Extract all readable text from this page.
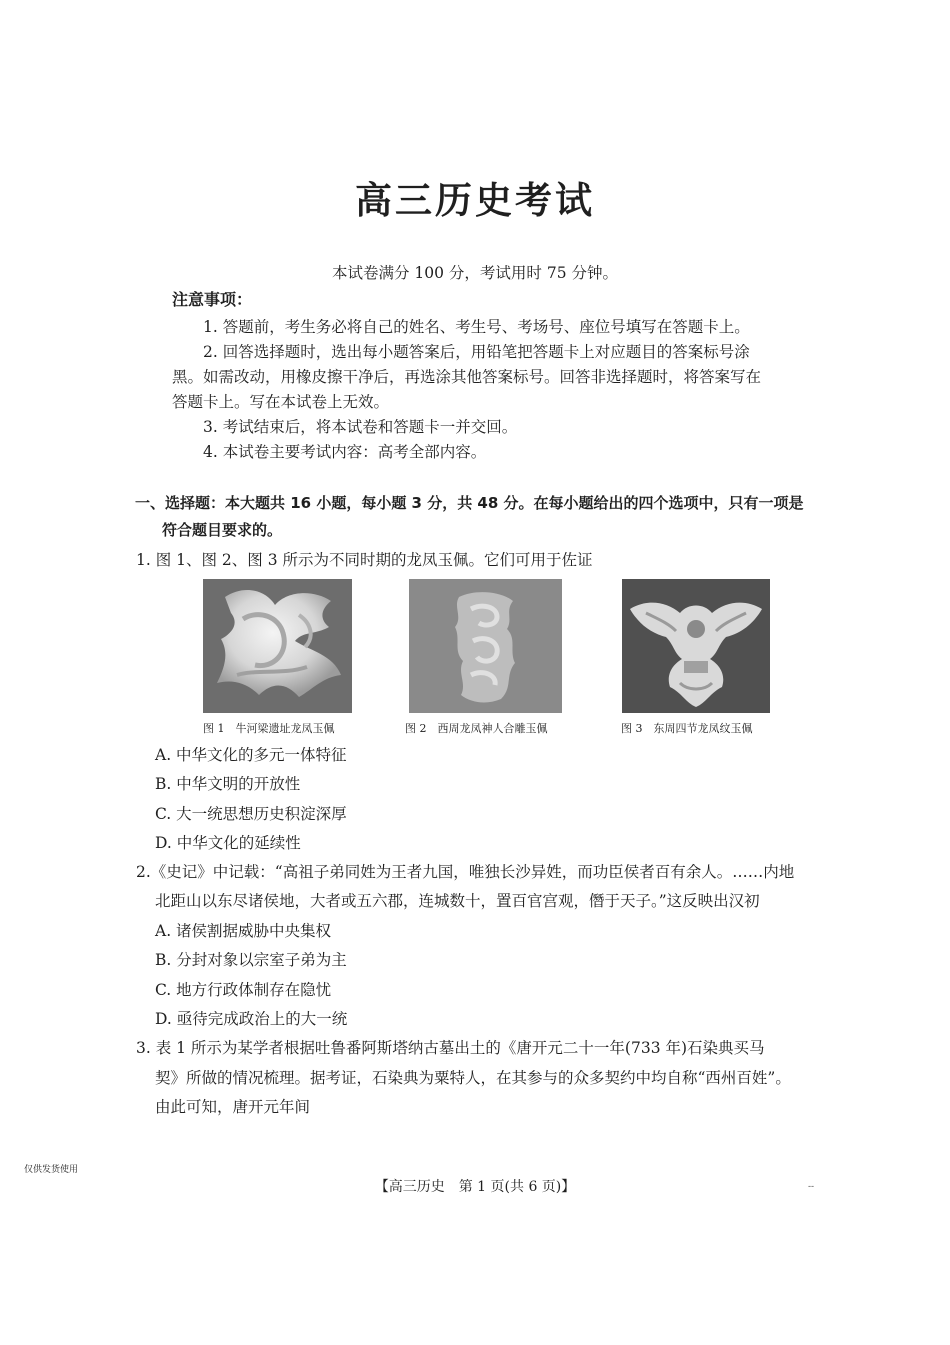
高三历史考试
本试卷满分 100 分，考试用时 75 分钟。
注意事项：
1. 答题前，考生务必将自己的姓名、考生号、考场号、座位号填写在答题卡上。
2. 回答选择题时，选出每小题答案后，用铅笔把答题卡上对应题目的答案标号涂
黑。如需改动，用橡皮擦干净后，再选涂其他答案标号。回答非选择题时，将答案写在
答题卡上。写在本试卷上无效。
3. 考试结束后，将本试卷和答题卡一并交回。
4. 本试卷主要考试内容：高考全部内容。
一、选择题：本大题共 16 小题，每小题 3 分，共 48 分。在每小题给出的四个选项中，只有一项是
符合题目要求的。
1. 图 1、图 2、图 3 所示为不同时期的龙凤玉佩。它们可用于佐证
图 1　牛河梁遗址龙凤玉佩	图 2　西周龙凤神人合雕玉佩	图 3　东周四节龙凤纹玉佩
A. 中华文化的多元一体特征
B. 中华文明的开放性
C. 大一统思想历史积淀深厚
D. 中华文化的延续性
2.《史记》中记载：“高祖子弟同姓为王者九国，唯独长沙异姓，而功臣侯者百有余人。……内地
北距山以东尽诸侯地，大者或五六郡，连城数十，置百官宫观，僭于天子。”这反映出汉初
A. 诸侯割据威胁中央集权
B. 分封对象以宗室子弟为主
C. 地方行政体制存在隐忧
D. 亟待完成政治上的大一统
3. 表 1 所示为某学者根据吐鲁番阿斯塔纳古墓出土的《唐开元二十一年(733 年)石染典买马
契》所做的情况梳理。据考证，石染典为粟特人，在其参与的众多契约中均自称“西州百姓”。
由此可知，唐开元年间
仅供发货使用
【高三历史　第 1 页(共 6 页)】	--
